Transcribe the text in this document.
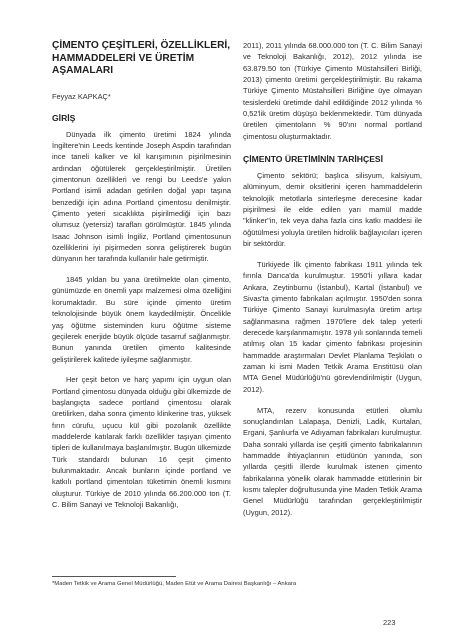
ÇİMENTO ÇEŞİTLERİ, ÖZELLİKLERİ, HAMMADDELERİ VE ÜRETİM AŞAMALARI
Feyyaz KAPKAÇ*
GİRİŞ

Dünyada ilk çimento üretimi 1824 yılında İngiltere'nin Leeds kentinde Joseph Aspdin tarafından ince taneli kalker ve kil karışımının pişirilmesinin ardından öğütülerek gerçekleştirilmiştir. Üretilen çimentonun özellikleri ve rengi bu Leeds'e yakın Portland isimli adadan getirilen doğal yapı taşına benzediği için adına Portland çimentosu denilmiştir. Çimento yeteri sıcaklıkta pişirilmediği için bazı olumsuz (yetersiz) tarafları görülmüştür. 1845 yılında Isaac Johnson isimli İngiliz, Portland çimentosunun özelliklerini iyi pişirmeden sonra geliştirerek bugün dünyanın her tarafında kullanılır hale getirmiştir.

1845 yıldan bu yana üretilmekte olan çimento, günümüzde en önemli yapı malzemesi olma özelliğini korumaktadır. Bu süre içinde çimento üretim teknolojisinde büyük önem kaydedilmiştir. Öncelikle yaş öğütme sisteminden kuru öğütme sisteme geçilerek enerjide büyük ölçüde tasarruf sağlanmıştır. Bunun yanında üretilen çimento kalitesinde geliştirilerek kalitede iyileşme sağlanmıştır.

Her çeşit beton ve harç yapımı için uygun olan Portland çimentosu dünyada olduğu gibi ülkemizde de başlangıçta sadece portland çimentosu olarak üretilirken, daha sonra çimento klinkerine tras, yüksek fırın cürufu, uçucu kül gibi pozolanik özellikte maddelerde katılarak farklı özellikler taşıyan çimento tipleri de kullanılmaya başlanılmıştır. Bugün ülkemizde Türk standardı bulunan 16 çeşit çimento bulunmaktadır. Ancak bunların içinde portland ve katkılı portland çimentoları tüketimin önemli kısmını oluşturur. Türkiye de 2010 yılında 66.200.000 ton (T. C. Bilim Sanayi ve Teknoloji Bakanlığı,

2011), 2011 yılında 68.000.000 ton (T. C. Bilim Sanayi ve Teknoloji Bakanlığı, 2012), 2012 yılında ise 63.879.50 ton (Türkiye Çimento Müstahsilleri Birliği, 2013) çimento üretimi gerçekleştirilmiştir. Bu rakama Türkiye Çimento Müstahsilleri Birliğine üye olmayan tesislerdeki üretimde dahil edildiğinde 2012 yılında % 0,52'lik üretim düşüşü beklenmektedir. Tüm dünyada üretilen çimentoların % 90'ını normal portland çimentosu oluşturmaktadır.

ÇİMENTO ÜRETİMİNİN TARİHÇESİ

Çimento sektörü; başlıca silisyum, kalsiyum, alüminyum, demir oksitlerini içeren hammaddelerin teknolojik metotlarla sinterleşme derecesine kadar pişirilmesi ile elde edilen yarı mamül madde "klinker"in, tek veya daha fazla cins katkı maddesi ile öğütülmesi yoluyla üretilen hidrolik bağlayıcıları içeren bir sektördür.

Türkiyede İlk çimento fabrikası 1911 yılında tek fırınla Darıca'da kurulmuştur. 1950'li yıllara kadar Ankara, Zeytinburnu (İstanbul), Kartal (İstanbul) ve Sivas'ta çimento fabrikaları açılmıştır. 1950'den sonra Türkiye Çimento Sanayi kurulmasıyla üretim artışı sağlanmasına rağmen 1970'lere dek talep yeterli derecede karşılanmamıştır. 1978 yılı sonlarında temeli atılmış olan 15 kadar çimento fabrikası projesinin hammadde araştırmaları Devlet Planlama Teşkilatı o zaman ki ismi Maden Tetkik Arama Enstitüsü olan MTA Genel Müdürlüğü'nü görevlendirilmiştir (Uygun, 2012).

MTA, rezerv konusunda etütleri olumlu sonuçlandırılan Lalapaşa, Denizli, Ladik, Kurtalan, Ergani, Şanlıurfa ve Adıyaman fabrikaları kurulmuştur. Daha sonraki yıllarda ise çeşitli çimento fabrikalarının hammadde ihtiyaçlarının etüdünün yanında, son yıllarda çeşitli illerde kurulmak istenen çimento fabrikalarına yönelik olarak hammadde etütlerinin bir kısmı talepler doğrultusunda yine Maden Tetkik Arama Genel Müdürlüğü tarafından gerçekleştirilmiştir (Uygun, 2012).

*Maden Tetkik ve Arama Genel Müdürlüğü, Maden Etüt ve Arama Dairesi Başkanlığı – Ankara
223
